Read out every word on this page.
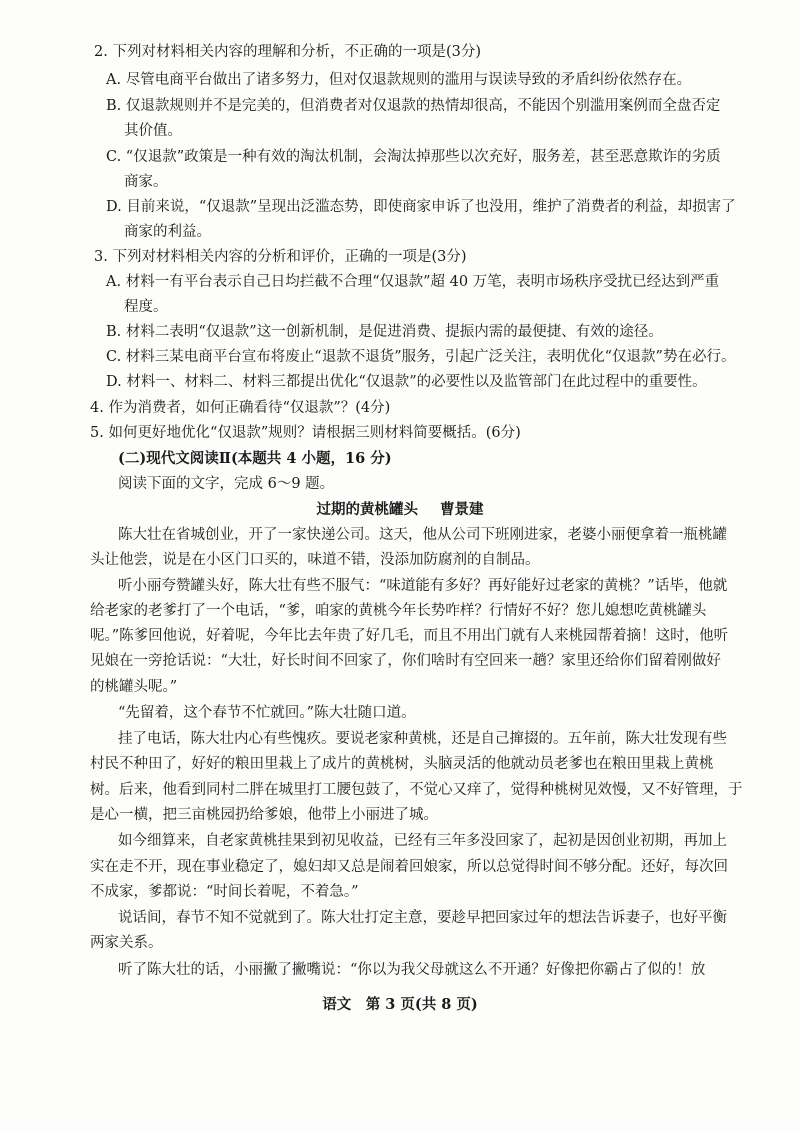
2. 下列对材料相关内容的理解和分析，不正确的一项是(3分)
A. 尽管电商平台做出了诸多努力，但对仅退款规则的滥用与误读导致的矛盾纠纷依然存在。
B. 仅退款规则并不是完美的，但消费者对仅退款的热情却很高，不能因个别滥用案例而全盘否定
其价值。
C. “仅退款”政策是一种有效的淘汰机制，会淘汰掉那些以次充好，服务差，甚至恶意欺诈的劣质
商家。
D. 目前来说，“仅退款”呈现出泛滥态势，即使商家申诉了也没用，维护了消费者的利益，却损害了
商家的利益。
3. 下列对材料相关内容的分析和评价，正确的一项是(3分)
A. 材料一有平台表示自己日均拦截不合理“仅退款”超 40 万笔，表明市场秩序受扰已经达到严重
程度。
B. 材料二表明“仅退款”这一创新机制，是促进消费、提振内需的最便捷、有效的途径。
C. 材料三某电商平台宣布将废止“退款不退货”服务，引起广泛关注，表明优化“仅退款”势在必行。
D. 材料一、材料二、材料三都提出优化“仅退款”的必要性以及监管部门在此过程中的重要性。
4. 作为消费者，如何正确看待“仅退款”？(4分)
5. 如何更好地优化“仅退款”规则？请根据三则材料简要概括。(6分)
(二)现代文阅读Ⅱ(本题共 4 小题，16 分)
阅读下面的文字，完成 6～9 题。
过期的黄桃罐头 曹景建
陈大壮在省城创业，开了一家快递公司。这天，他从公司下班刚进家，老婆小丽便拿着一瓶桃罐
头让他尝，说是在小区门口买的，味道不错，没添加防腐剂的自制品。
听小丽夸赞罐头好，陈大壮有些不服气：“味道能有多好？再好能好过老家的黄桃？”话毕，他就
给老家的老爹打了一个电话，“爹，咱家的黄桃今年长势咋样？行情好不好？您儿媳想吃黄桃罐头
呢。”陈爹回他说，好着呢，今年比去年贵了好几毛，而且不用出门就有人来桃园帮着摘！这时，他听
见娘在一旁抢话说：“大壮，好长时间不回家了，你们啥时有空回来一趟？家里还给你们留着刚做好
的桃罐头呢。”
“先留着，这个春节不忙就回。”陈大壮随口道。
挂了电话，陈大壮内心有些愧疚。要说老家种黄桃，还是自己撺掇的。五年前，陈大壮发现有些
村民不种田了，好好的粮田里栽上了成片的黄桃树，头脑灵活的他就动员老爹也在粮田里栽上黄桃
树。后来，他看到同村二胖在城里打工腰包鼓了，不觉心又痒了，觉得种桃树见效慢，又不好管理，于
是心一横，把三亩桃园扔给爹娘，他带上小丽进了城。
如今细算来，自老家黄桃挂果到初见收益，已经有三年多没回家了，起初是因创业初期，再加上
实在走不开，现在事业稳定了，媳妇却又总是闹着回娘家，所以总觉得时间不够分配。还好，每次回
不成家，爹都说：“时间长着呢，不着急。”
说话间，春节不知不觉就到了。陈大壮打定主意，要趁早把回家过年的想法告诉妻子，也好平衡
两家关系。
听了陈大壮的话，小丽撇了撇嘴说：“你以为我父母就这么不开通？好像把你霸占了似的！放
语文　第 3 页(共 8 页)
